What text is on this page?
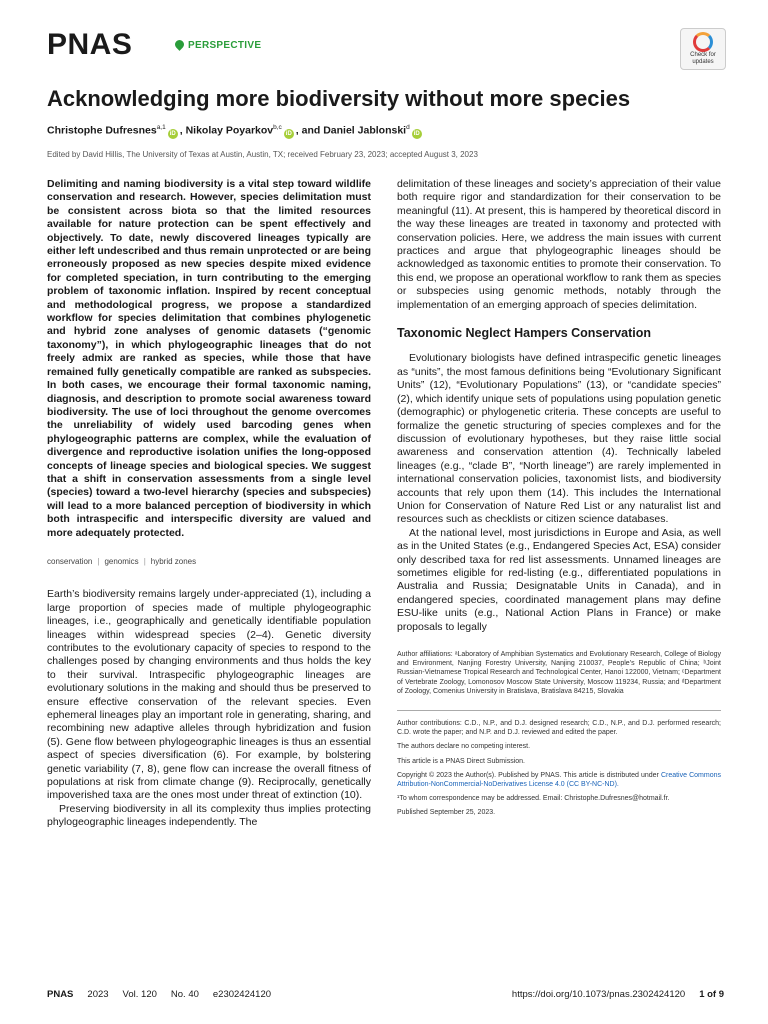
PNAS	PERSPECTIVE
Check for updates
Acknowledging more biodiversity without more species
Christophe Dufresnes$^{a,1}$iD , Nikolay Poyarkov$^{b,c}$iD , and Daniel Jablonski$^d$iD
Edited by David Hillis, The University of Texas at Austin, Austin, TX; received February 23, 2023; accepted August 3, 2023

Delimiting and naming biodiversity is a vital step toward wildlife conservation and research. However, species delimitation must be consistent across biota so that the limited resources available for nature protection can be spent effectively and objectively. To date, newly discovered lineages typically are either left undescribed and thus remain unprotected or are being erroneously proposed as new species despite mixed evidence for completed speciation, in turn contributing to the emerging problem of taxonomic inflation. Inspired by recent conceptual and methodological progress, we propose a standardized workflow for species delimitation that combines phylogenetic and hybrid zone analyses of genomic datasets (“genomic taxonomy”), in which phylogeographic lineages that do not freely admix are ranked as species, while those that have remained fully genetically compatible are ranked as subspecies. In both cases, we encourage their formal taxonomic naming, diagnosis, and description to promote social awareness toward biodiversity. The use of loci throughout the genome overcomes the unreliability of widely used barcoding genes when phylogeographic patterns are complex, while the evaluation of divergence and reproductive isolation unifies the long-opposed concepts of lineage species and biological species. We suggest that a shift in conservation assessments from a single level (species) toward a two-level hierarchy (species and subspecies) will lead to a more balanced perception of biodiversity in which both intraspecific and interspecific diversity are valued and more adequately protected.

conservation | genomics | hybrid zones

Earth’s biodiversity remains largely under-appreciated (1), including a large proportion of species made of multiple phylogeographic lineages, i.e., geographically and genetically identifiable population lineages within widespread species (2–4). Genetic diversity contributes to the evolutionary capacity of species to respond to the challenges posed by changing environments and thus holds the key to their survival. Intraspecific phylogeographic lineages are evolutionary solutions in the making and should thus be preserved to ensure effective conservation of the relevant species. Even ephemeral lineages play an important role in generating, sharing, and recombining new adaptive alleles through hybridization and fusion (5). Gene flow between phylogeographic lineages is thus an essential aspect of species diversification (6). For example, by bolstering genetic variability (7, 8), gene flow can increase the overall fitness of populations at risk from climate change (9). Reciprocally, genetically impoverished taxa are the ones most under threat of extinction (10).

Preserving biodiversity in all its complexity thus implies protecting phylogeographic lineages independently. The

delimitation of these lineages and society’s appreciation of their value both require rigor and standardization for their conservation to be meaningful (11). At present, this is hampered by theoretical discord in the way these lineages are treated in taxonomy and protected with conservation policies. Here, we address the main issues with current practices and argue that phylogeographic lineages should be acknowledged as taxonomic entities to promote their conservation. To this end, we propose an operational workflow to rank them as species or subspecies using genomic methods, notably through the implementation of an emerging approach of species delimitation.

Taxonomic Neglect Hampers Conservation

Evolutionary biologists have defined intraspecific genetic lineages as “units”, the most famous definitions being “Evolutionary Significant Units” (12), “Evolutionary Populations” (13), or “candidate species” (2), which identify unique sets of populations using population genetic (demographic) or phylogenetic criteria. These concepts are useful to formalize the genetic structuring of species complexes and for the discussion of evolutionary hypotheses, but they raise little social awareness and conservation attention (4). Technically labeled lineages (e.g., “clade B”, “North lineage”) are rarely implemented in international conservation policies, taxonomist lists, and biodiversity accounts that rely upon them (14). This includes the International Union for Conservation of Nature Red List or any naturalist list and resources such as checklists or citizen science databases.

At the national level, most jurisdictions in Europe and Asia, as well as in the United States (e.g., Endangered Species Act, ESA) consider only described taxa for red list assessments. Unnamed lineages are sometimes eligible for red-listing (e.g., differentiated populations in Australia and Russia; Designatable Units in Canada), and in endangered species, coordinated management plans may define ESU-like units (e.g., National Action Plans in France) or make proposals to legally

Author affiliations: ᵃLaboratory of Amphibian Systematics and Evolutionary Research, College of Biology and Environment, Nanjing Forestry University, Nanjing 210037, People’s Republic of China; ᵇJoint Russian-Vietnamese Tropical Research and Technological Center, Hanoi 122000, Vietnam; ᶜDepartment of Vertebrate Zoology, Lomonosov Moscow State University, Moscow 119234, Russia; and ᵈDepartment of Zoology, Comenius University in Bratislava, Bratislava 84215, Slovakia

Author contributions: C.D., N.P., and D.J. designed research; C.D., N.P., and D.J. performed research; C.D. wrote the paper; and N.P. and D.J. reviewed and edited the paper.

The authors declare no competing interest.

This article is a PNAS Direct Submission.

Copyright © 2023 the Author(s). Published by PNAS. This article is distributed under Creative Commons Attribution-NonCommercial-NoDerivatives License 4.0 (CC BY-NC-ND).

¹To whom correspondence may be addressed. Email: Christophe.Dufresnes@hotmail.fr.

Published September 25, 2023.

PNAS 2023 Vol. 120 No. 40 e2302424120	https://doi.org/10.1073/pnas.2302424120 1 of 9
